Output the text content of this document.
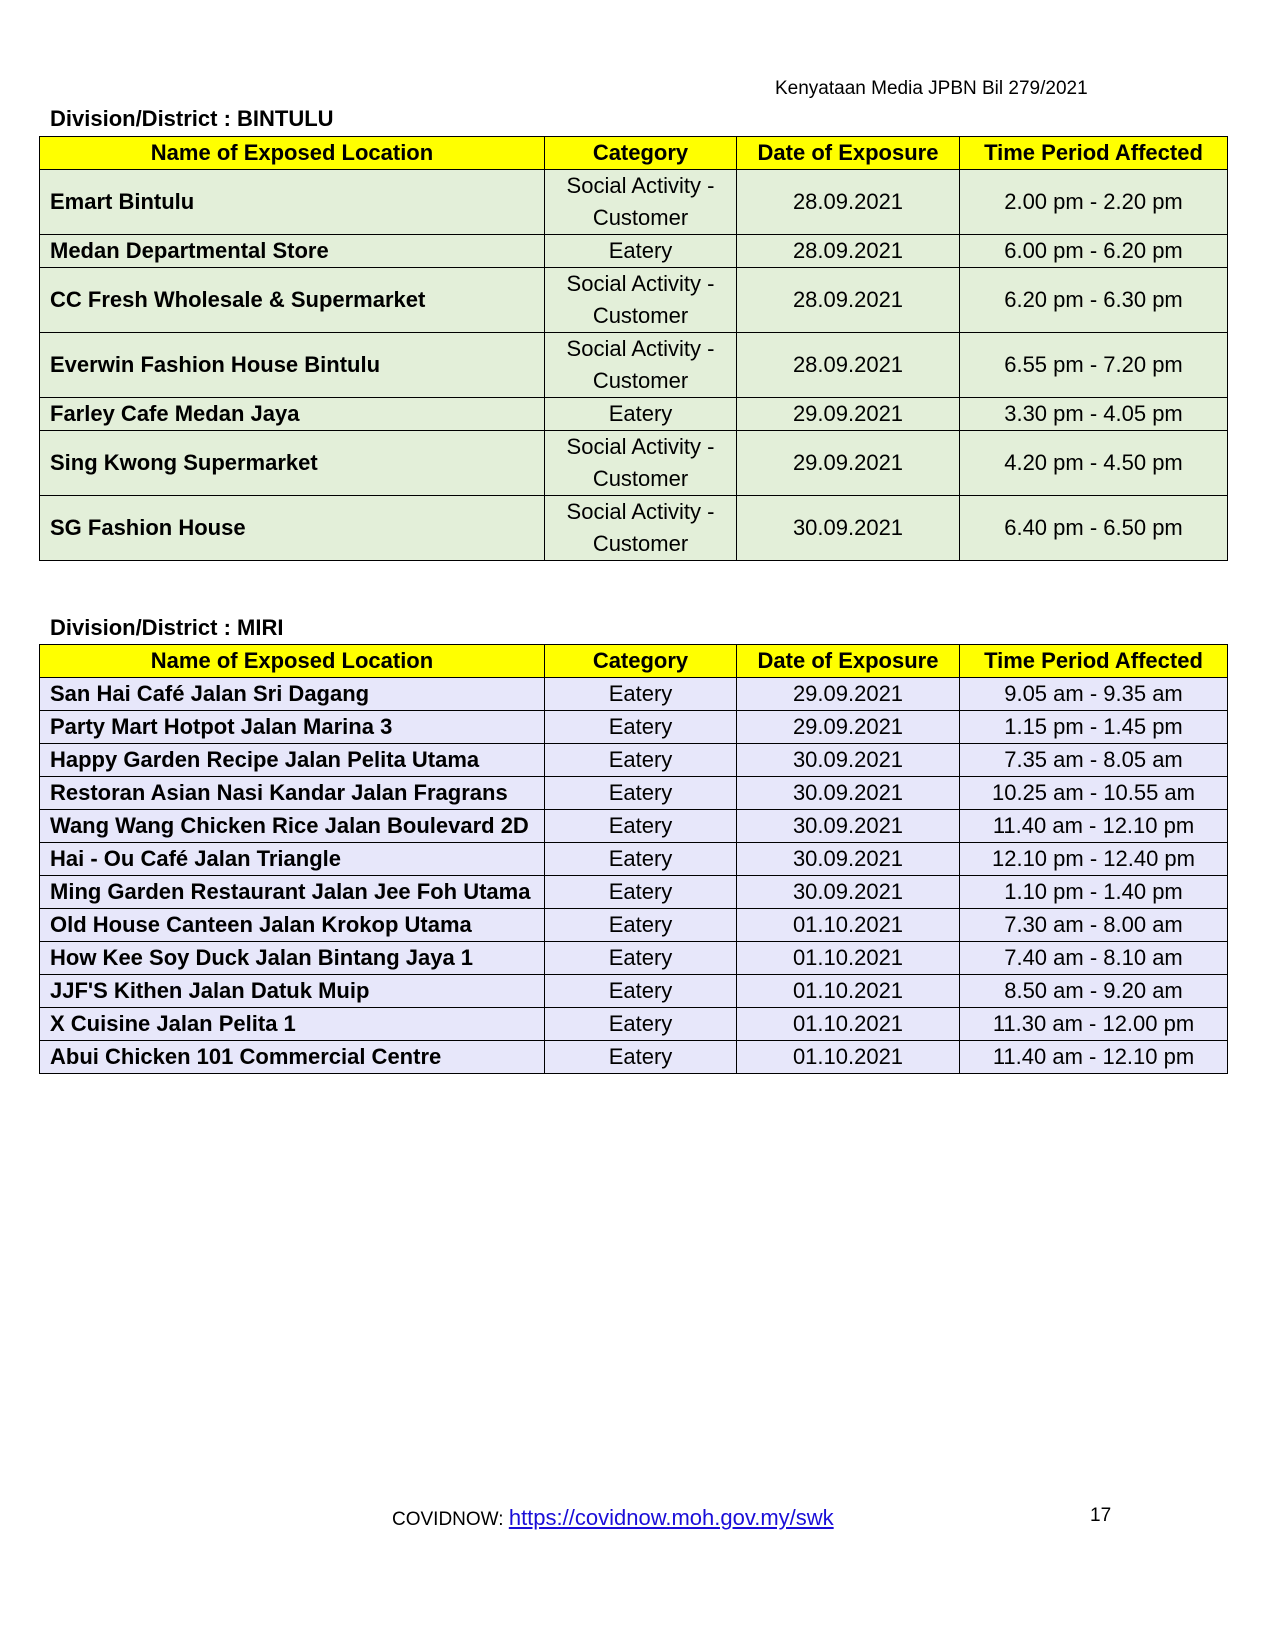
Kenyataan Media JPBN Bil 279/2021
Division/District : BINTULU
Name of Exposed Location	Category	Date of Exposure	Time Period Affected
Emart Bintulu	Social Activity - Customer	28.09.2021	2.00 pm - 2.20 pm
Medan Departmental Store	Eatery	28.09.2021	6.00 pm - 6.20 pm
CC Fresh Wholesale & Supermarket	Social Activity - Customer	28.09.2021	6.20 pm - 6.30 pm
Everwin Fashion House Bintulu	Social Activity - Customer	28.09.2021	6.55 pm - 7.20 pm
Farley Cafe Medan Jaya	Eatery	29.09.2021	3.30 pm - 4.05 pm
Sing Kwong Supermarket	Social Activity - Customer	29.09.2021	4.20 pm - 4.50 pm
SG Fashion House	Social Activity - Customer	30.09.2021	6.40 pm - 6.50 pm
Division/District : MIRI
Name of Exposed Location	Category	Date of Exposure	Time Period Affected
San Hai Café Jalan Sri Dagang	Eatery	29.09.2021	9.05 am - 9.35 am
Party Mart Hotpot Jalan Marina 3	Eatery	29.09.2021	1.15 pm - 1.45 pm
Happy Garden Recipe Jalan Pelita Utama	Eatery	30.09.2021	7.35 am - 8.05 am
Restoran Asian Nasi Kandar Jalan Fragrans	Eatery	30.09.2021	10.25 am - 10.55 am
Wang Wang Chicken Rice Jalan Boulevard 2D	Eatery	30.09.2021	11.40 am - 12.10 pm
Hai - Ou Café Jalan Triangle	Eatery	30.09.2021	12.10 pm - 12.40 pm
Ming Garden Restaurant Jalan Jee Foh Utama	Eatery	30.09.2021	1.10 pm - 1.40 pm
Old House Canteen Jalan Krokop Utama	Eatery	01.10.2021	7.30 am - 8.00 am
How Kee Soy Duck Jalan Bintang Jaya 1	Eatery	01.10.2021	7.40 am - 8.10 am
JJF'S Kithen Jalan Datuk Muip	Eatery	01.10.2021	8.50 am - 9.20 am
X Cuisine Jalan Pelita 1	Eatery	01.10.2021	11.30 am - 12.00 pm
Abui Chicken 101 Commercial Centre	Eatery	01.10.2021	11.40 am - 12.10 pm
COVIDNOW: https://covidnow.moh.gov.my/swk	17
